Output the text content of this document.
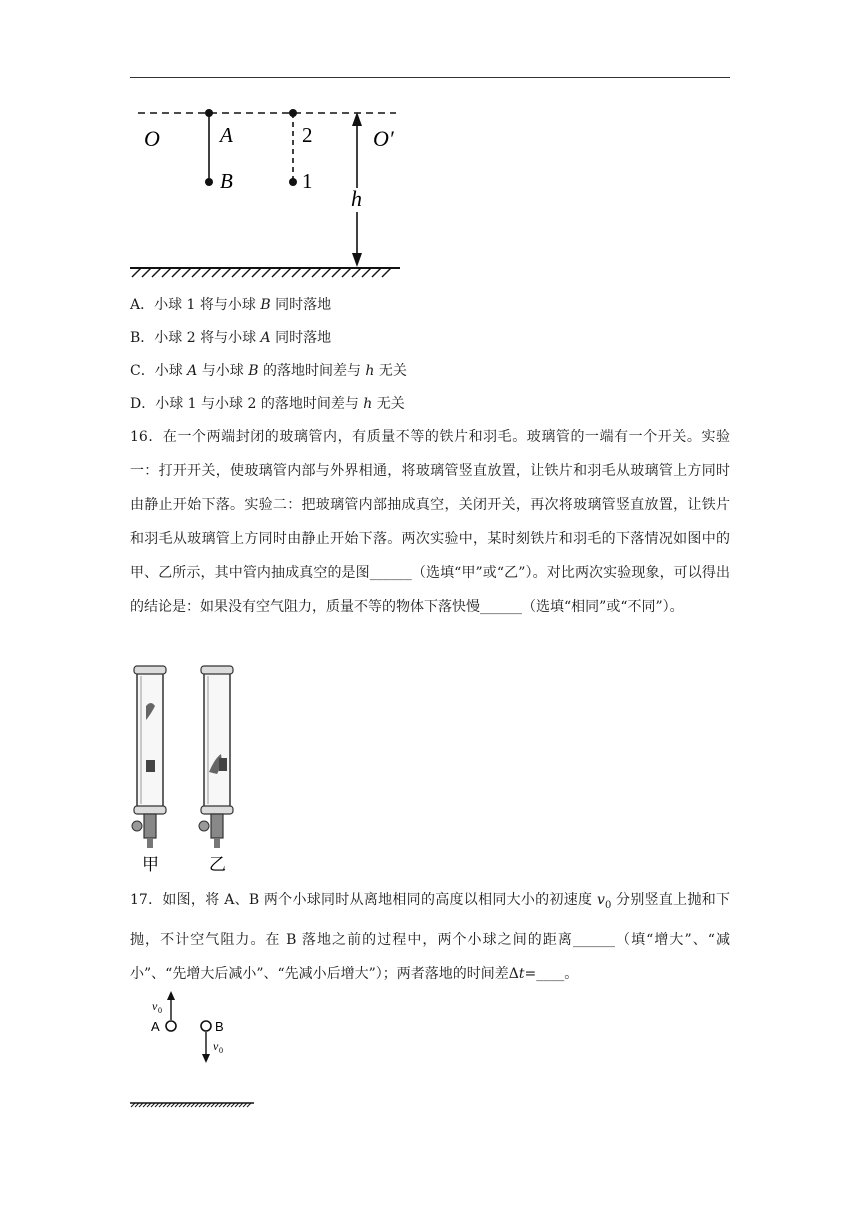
O	A
B
2
1
O′
h
A．小球 1 将与小球 B 同时落地
B．小球 2 将与小球 A 同时落地
C．小球 A 与小球 B 的落地时间差与 h 无关
D．小球 1 与小球 2 的落地时间差与 h 无关
16．在一个两端封闭的玻璃管内，有质量不等的铁片和羽毛。玻璃管的一端有一个开关。实验一：打开开关，使玻璃管内部与外界相通，将玻璃管竖直放置，让铁片和羽毛从玻璃管上方同时由静止开始下落。实验二：把玻璃管内部抽成真空，关闭开关，再次将玻璃管竖直放置，让铁片和羽毛从玻璃管上方同时由静止开始下落。两次实验中，某时刻铁片和羽毛的下落情况如图中的甲、乙所示，其中管内抽成真空的是图______（选填“甲”或“乙”）。对比两次实验现象，可以得出的结论是：如果没有空气阻力，质量不等的物体下落快慢______（选填“相同”或“不同”）。
甲	乙
17．如图，将 A、B 两个小球同时从离地相同的高度以相同大小的初速度 $v_0$ 分别竖直上抛和下抛，不计空气阻力。在 B 落地之前的过程中，两个小球之间的距离______（填“增大”、“减小”、“先增大后减小”、“先减小后增大”）；两者落地的时间差Δt=____。
v 0
A	B
v 0
